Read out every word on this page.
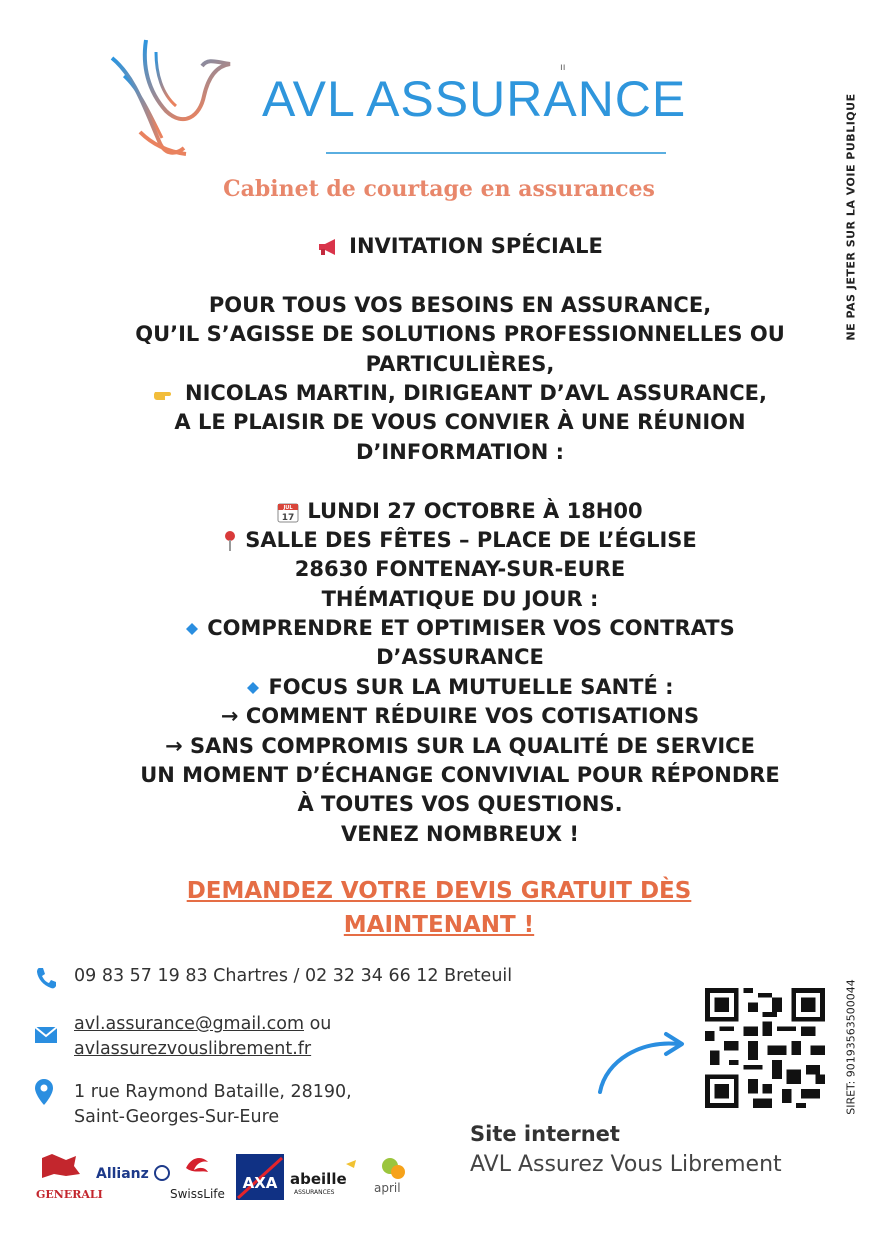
AVL ASSURANCE
ıı
Cabinet de courtage en assurances	NE PAS JETER SUR LA VOIE PUBLIQUE
INVITATION SPÉCIALE
POUR TOUS VOS BESOINS EN ASSURANCE,
QU’IL S’AGISSE DE SOLUTIONS PROFESSIONNELLES OU
PARTICULIÈRES,
NICOLAS MARTIN, DIRIGEANT D’AVL ASSURANCE,
A LE PLAISIR DE VOUS CONVIER À UNE RÉUNION
D’INFORMATION :
JUL
17 LUNDI 27 OCTOBRE À 18H00
SALLE DES FÊTES – PLACE DE L’ÉGLISE
28630 FONTENAY-SUR-EURE
THÉMATIQUE DU JOUR :
COMPRENDRE ET OPTIMISER VOS CONTRATS
D’ASSURANCE
FOCUS SUR LA MUTUELLE SANTÉ :
→ COMMENT RÉDUIRE VOS COTISATIONS
→ SANS COMPROMIS SUR LA QUALITÉ DE SERVICE
UN MOMENT D’ÉCHANGE CONVIVIAL POUR RÉPONDRE
À TOUTES VOS QUESTIONS.
VENEZ NOMBREUX !
DEMANDEZ VOTRE DEVIS GRATUIT DÈS
MAINTENANT !
09 83 57 19 83 Chartres / 02 32 34 66 12 Breteuil
avl.assurance@gmail.com ou
avlassurezvouslibrement.fr
1 rue Raymond Bataille, 28190,
Saint-Georges-Sur-Eure
SIRET: 90193563500044
Site internet
AVL Assurez Vous Librement
GENERALI
Allianz
SwissLife
AXA abeille
ASSURANCES	april
